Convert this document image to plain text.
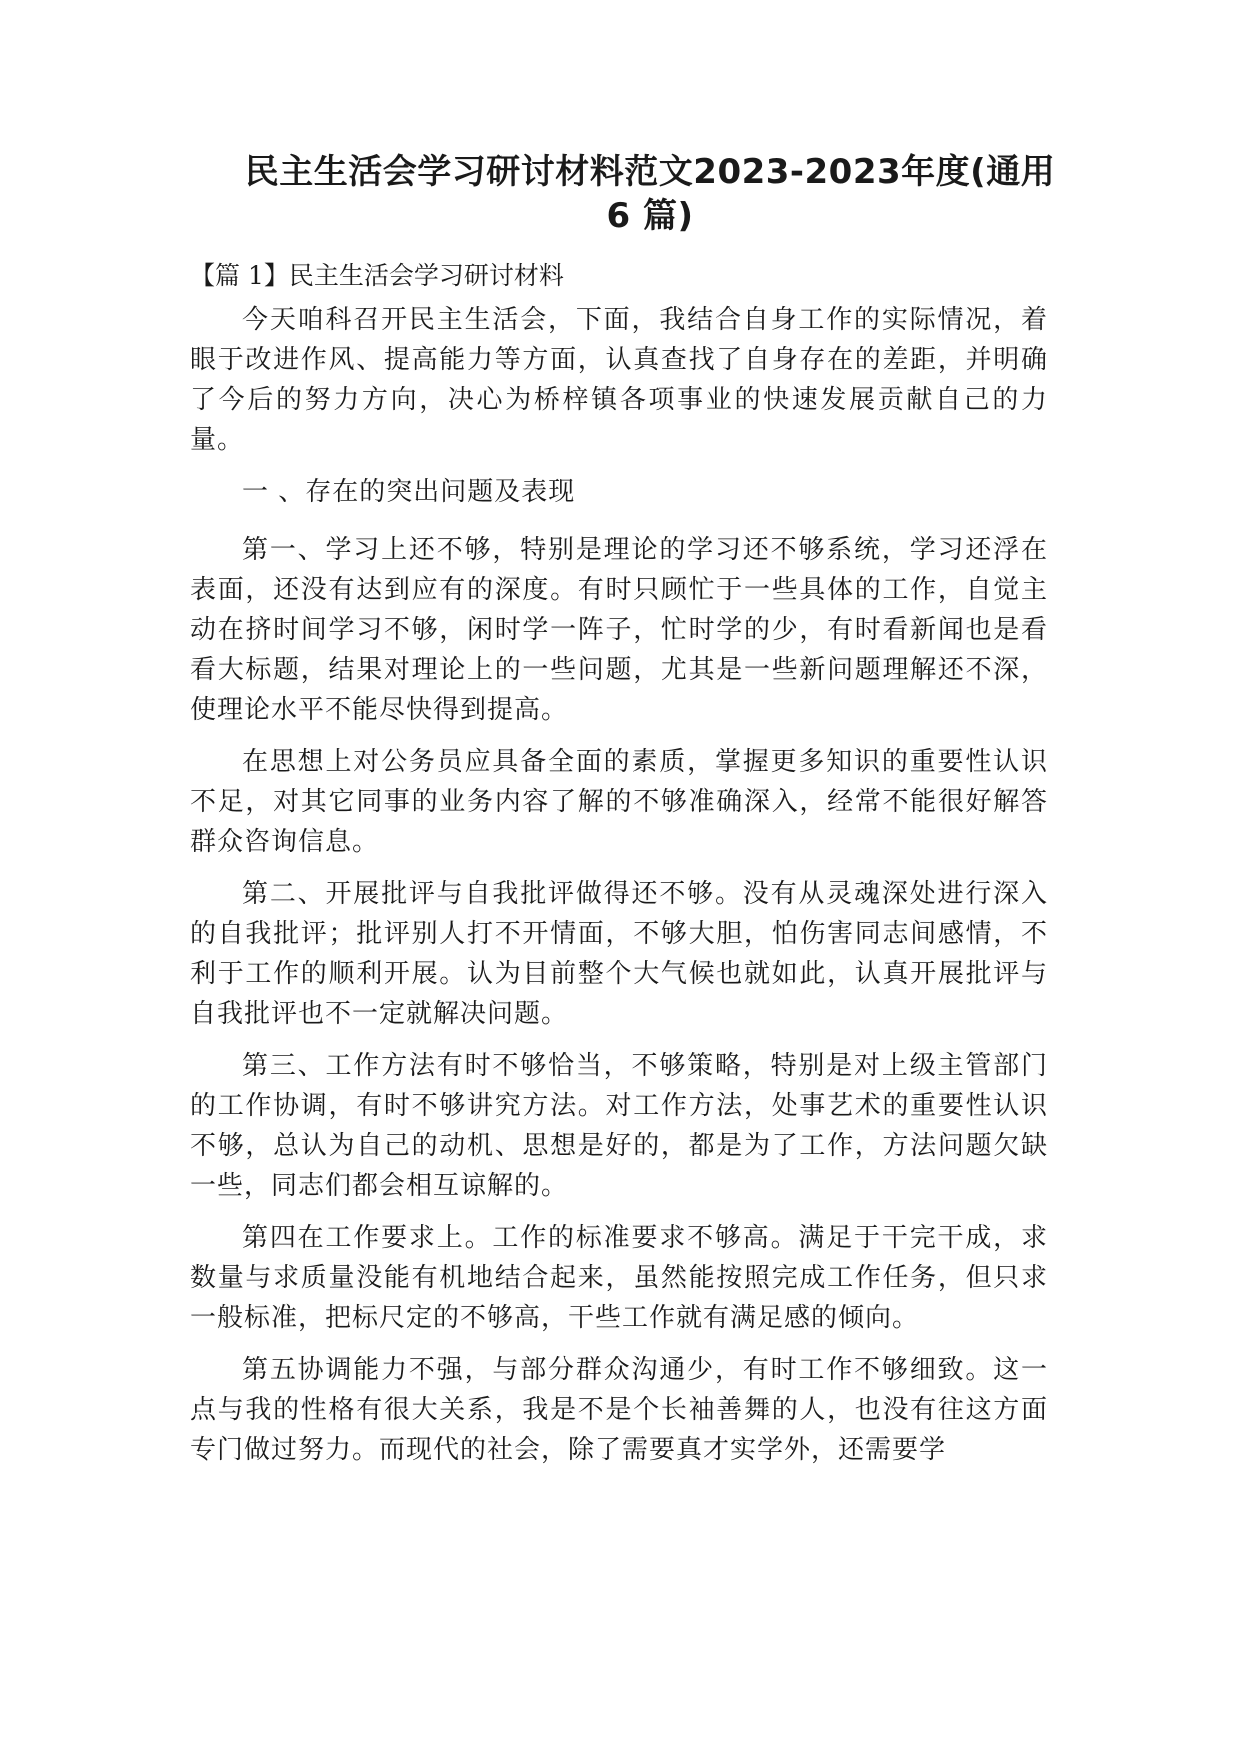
民主生活会学习研讨材料范文2023-2023年度(通用
6 篇)
【篇 1】民主生活会学习研讨材料

今天咱科召开民主生活会，下面，我结合自身工作的实际情况，着眼于改进作风、提高能力等方面，认真查找了自身存在的差距，并明确了今后的努力方向，决心为桥梓镇各项事业的快速发展贡献自己的力量。

一 、存在的突出问题及表现

第一、学习上还不够，特别是理论的学习还不够系统，学习还浮在表面，还没有达到应有的深度。有时只顾忙于一些具体的工作，自觉主动在挤时间学习不够，闲时学一阵子，忙时学的少，有时看新闻也是看看大标题，结果对理论上的一些问题，尤其是一些新问题理解还不深，使理论水平不能尽快得到提高。

在思想上对公务员应具备全面的素质，掌握更多知识的重要性认识不足，对其它同事的业务内容了解的不够准确深入，经常不能很好解答群众咨询信息。

第二、开展批评与自我批评做得还不够。没有从灵魂深处进行深入的自我批评；批评别人打不开情面，不够大胆，怕伤害同志间感情，不利于工作的顺利开展。认为目前整个大气候也就如此，认真开展批评与自我批评也不一定就解决问题。

第三、工作方法有时不够恰当，不够策略，特别是对上级主管部门的工作协调，有时不够讲究方法。对工作方法，处事艺术的重要性认识不够，总认为自己的动机、思想是好的，都是为了工作，方法问题欠缺一些，同志们都会相互谅解的。

第四在工作要求上。工作的标准要求不够高。满足于干完干成，求数量与求质量没能有机地结合起来，虽然能按照完成工作任务，但只求一般标准，把标尺定的不够高，干些工作就有满足感的倾向。

第五协调能力不强，与部分群众沟通少，有时工作不够细致。这一点与我的性格有很大关系，我是不是个长袖善舞的人，也没有往这方面专门做过努力。而现代的社会，除了需要真才实学外，还需要学
